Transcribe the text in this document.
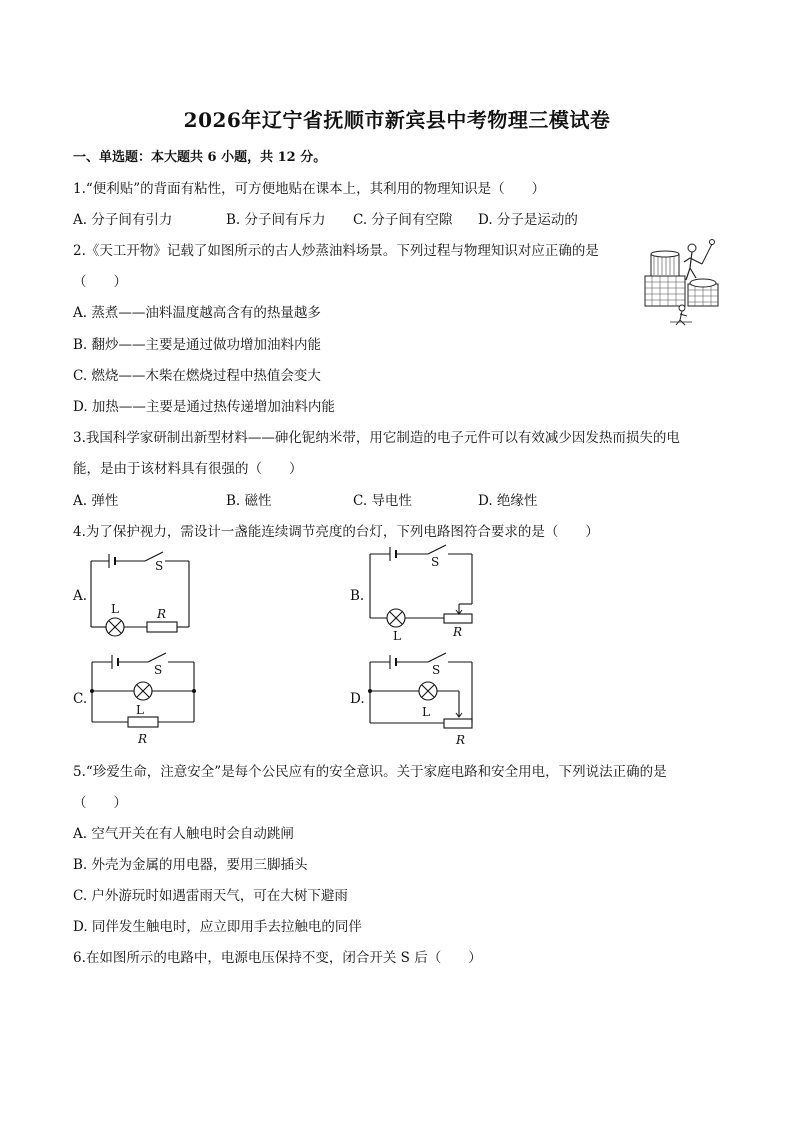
2026年辽宁省抚顺市新宾县中考物理三模试卷
一、单选题：本大题共 6 小题，共 12 分。
1.“便利贴”的背面有粘性，可方便地贴在课本上，其利用的物理知识是（　　）
A. 分子间有引力	B. 分子间有斥力 C. 分子间有空隙 D. 分子是运动的
2.《天工开物》记载了如图所示的古人炒蒸油料场景。下列过程与物理知识对应正确的是
（　　）
A. 蒸煮——油料温度越高含有的热量越多
B. 翻炒——主要是通过做功增加油料内能
C. 燃烧——木柴在燃烧过程中热值会变大
D. 加热——主要是通过热传递增加油料内能
3.我国科学家研制出新型材料——砷化铌纳米带，用它制造的电子元件可以有效减少因发热而损失的电
能，是由于该材料具有很强的（　　）
A. 弹性	B. 磁性	C. 导电性	D. 绝缘性
4.为了保护视力，需设计一盏能连续调节亮度的台灯，下列电路图符合要求的是（　　）
A.
S
L	R
B.
S
L	R
C.
S
L
R
D.
S
L
R
5.“珍爱生命，注意安全”是每个公民应有的安全意识。关于家庭电路和安全用电，下列说法正确的是
（　　）
A. 空气开关在有人触电时会自动跳闸
B. 外壳为金属的用电器，要用三脚插头
C. 户外游玩时如遇雷雨天气，可在大树下避雨
D. 同伴发生触电时，应立即用手去拉触电的同伴
6.在如图所示的电路中，电源电压保持不变，闭合开关 S 后（　　）
